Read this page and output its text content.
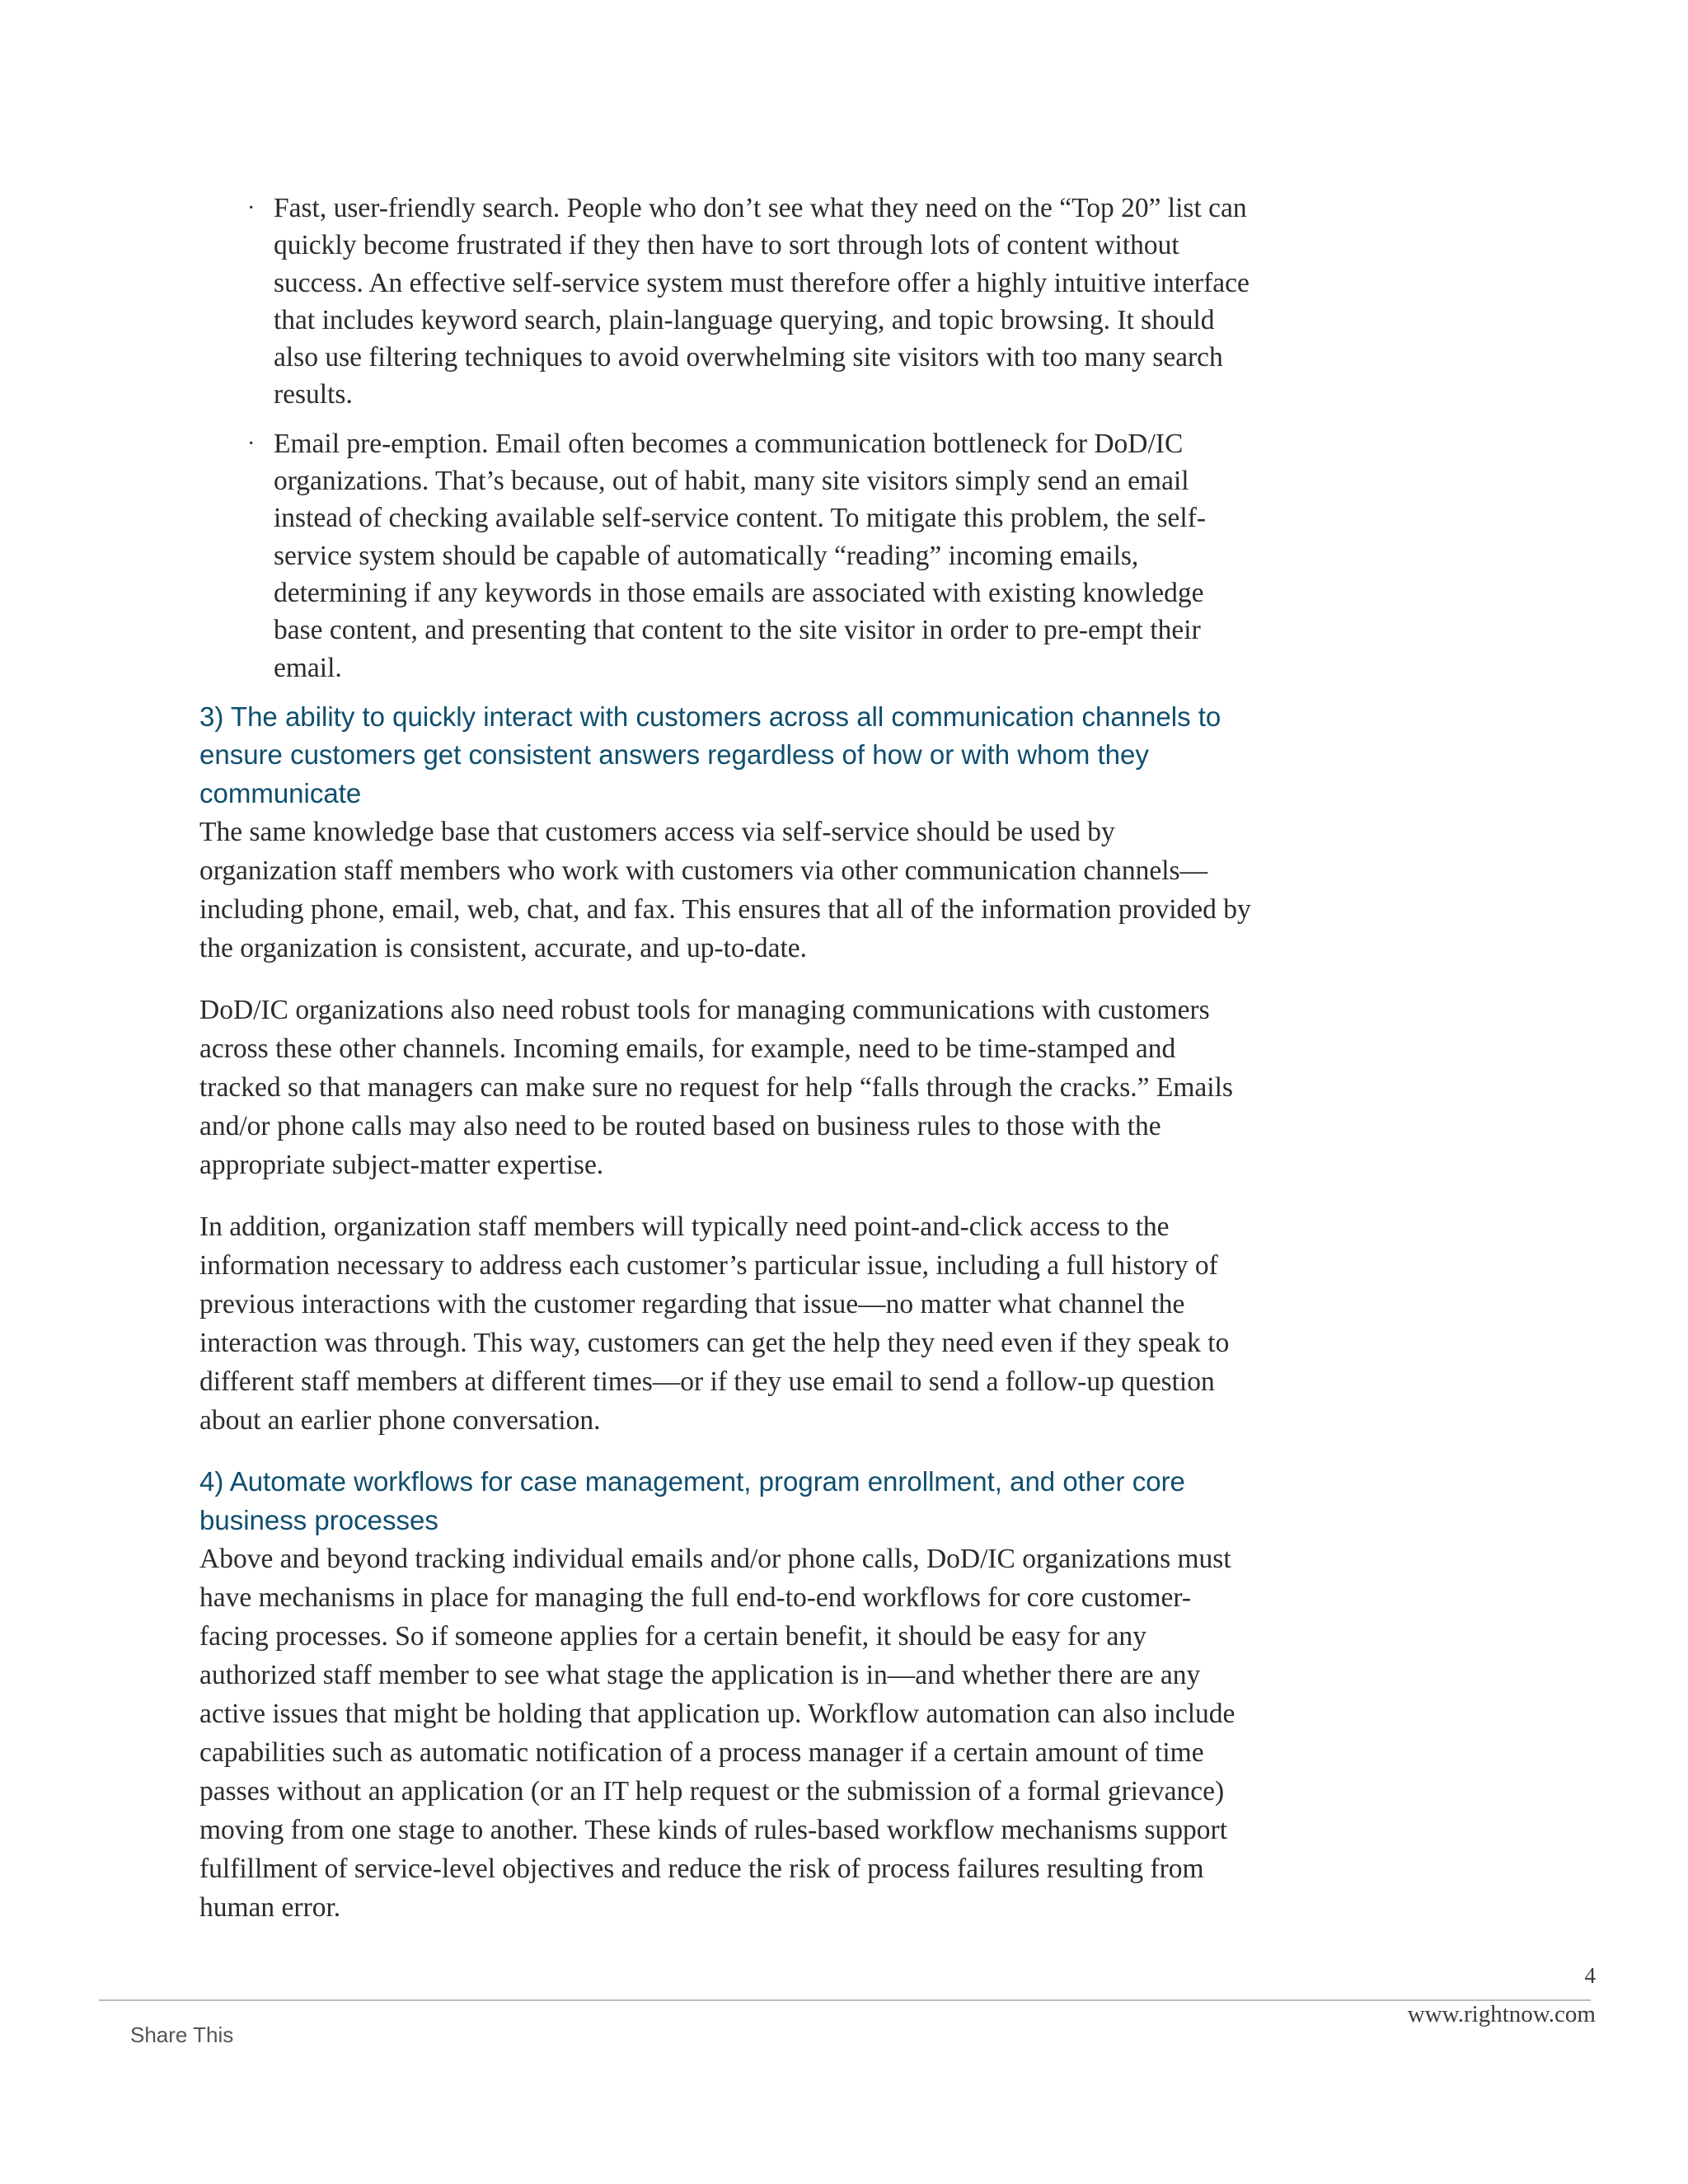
· Fast, user-friendly search. People who don’t see what they need on the “Top 20” list can quickly become frustrated if they then have to sort through lots of content without success. An effective self-service system must therefore offer a highly intuitive interface that includes keyword search, plain-language querying, and topic browsing. It should also use filtering techniques to avoid overwhelming site visitors with too many search results.
· Email pre-emption. Email often becomes a communication bottleneck for DoD/IC organizations. That’s because, out of habit, many site visitors simply send an email instead of checking available self-service content. To mitigate this problem, the self-service system should be capable of automatically “reading” incoming emails, determining if any keywords in those emails are associated with existing knowledge base content, and presenting that content to the site visitor in order to pre-empt their email.
3) The ability to quickly interact with customers across all communication channels to ensure customers get consistent answers regardless of how or with whom they communicate

The same knowledge base that customers access via self-service should be used by organization staff members who work with customers via other communication channels—including phone, email, web, chat, and fax. This ensures that all of the information provided by the organization is consistent, accurate, and up-to-date.

DoD/IC organizations also need robust tools for managing communications with customers across these other channels. Incoming emails, for example, need to be time-stamped and tracked so that managers can make sure no request for help “falls through the cracks.” Emails and/or phone calls may also need to be routed based on business rules to those with the appropriate subject-matter expertise.

In addition, organization staff members will typically need point-and-click access to the information necessary to address each customer’s particular issue, including a full history of previous interactions with the customer regarding that issue—no matter what channel the interaction was through. This way, customers can get the help they need even if they speak to different staff members at different times—or if they use email to send a follow-up question about an earlier phone conversation.

4) Automate workflows for case management, program enrollment, and other core business processes

Above and beyond tracking individual emails and/or phone calls, DoD/IC organizations must have mechanisms in place for managing the full end-to-end workflows for core customer-facing processes. So if someone applies for a certain benefit, it should be easy for any authorized staff member to see what stage the application is in—and whether there are any active issues that might be holding that application up. Workflow automation can also include capabilities such as automatic notification of a process manager if a certain amount of time passes without an application (or an IT help request or the submission of a formal grievance) moving from one stage to another. These kinds of rules-based workflow mechanisms support fulfillment of service-level objectives and reduce the risk of process failures resulting from human error.

4
www.rightnow.com
Share This
